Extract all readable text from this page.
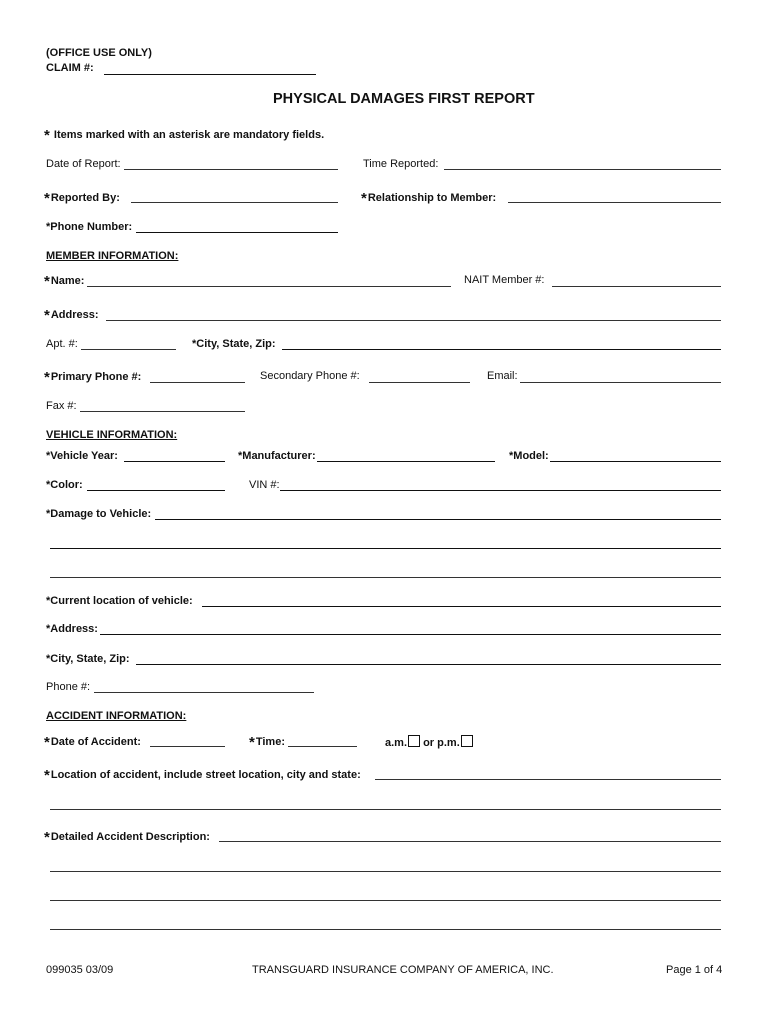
(OFFICE USE ONLY)
CLAIM #:
PHYSICAL DAMAGES FIRST REPORT
* Items marked with an asterisk are mandatory fields.
Date of Report:	Time Reported:
*Reported By:	*Relationship to Member:
*Phone Number:
MEMBER INFORMATION:
*Name:	NAIT Member #:
*Address:
Apt. #:	*City, State, Zip:
*Primary Phone #:	Secondary Phone #:	Email:
Fax #:
VEHICLE INFORMATION:
*Vehicle Year:	*Manufacturer:	*Model:
*Color:	VIN #:
*Damage to Vehicle:
*Current location of vehicle:
*Address:
*City, State, Zip:
Phone #:
ACCIDENT INFORMATION:
*Date of Accident:	*Time:	a.m. or p.m.
*Location of accident, include street location, city and state:
*Detailed Accident Description:
099035 03/09	TRANSGUARD INSURANCE COMPANY OF AMERICA, INC.	Page 1 of 4
